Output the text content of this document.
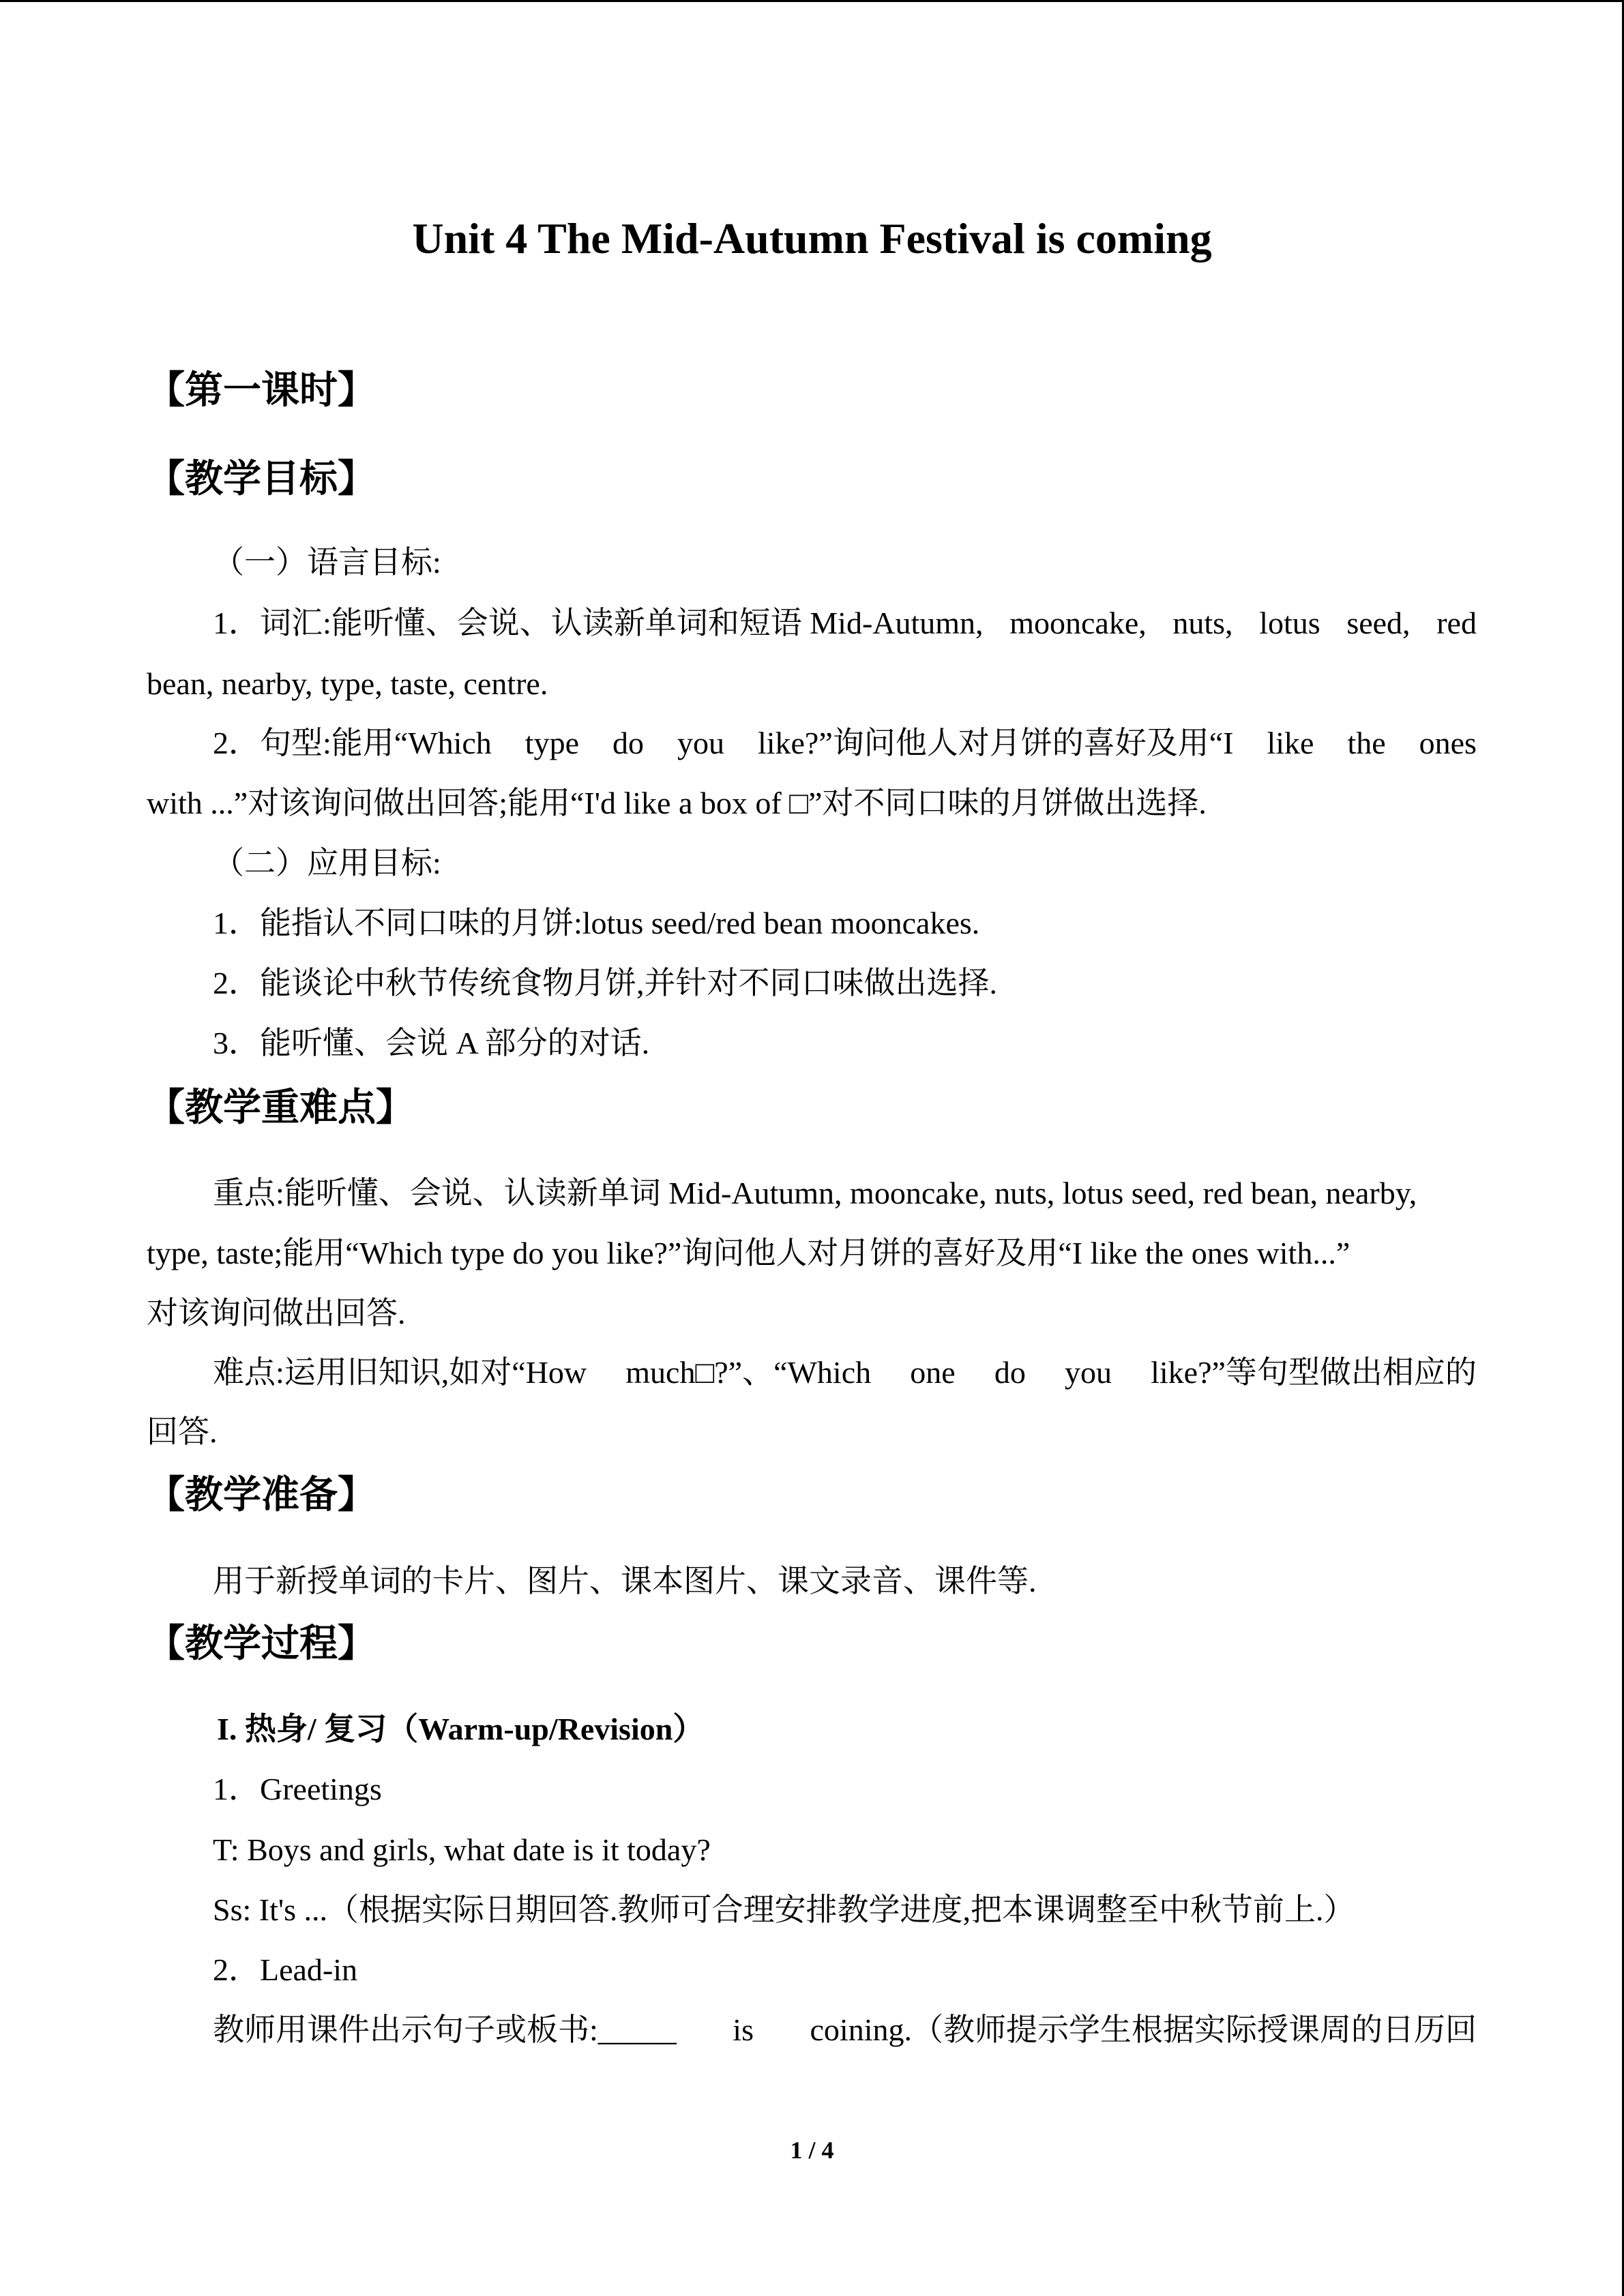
Unit 4 The Mid-Autumn Festival is coming
【第一课时】
【教学目标】
（一）语言目标:
1．词汇:能听懂、会说、认读新单词和短语 Mid-Autumn, mooncake, nuts, lotus seed, red
bean, nearby, type, taste, centre.
2．句型:能用“Which type do you like?”询问他人对月饼的喜好及用“I like the ones
with ...”对该询问做出回答;能用“I'd like a box of □”对不同口味的月饼做出选择.
（二）应用目标:
1．能指认不同口味的月饼:lotus seed/red bean mooncakes.
2．能谈论中秋节传统食物月饼,并针对不同口味做出选择.
3．能听懂、会说 A 部分的对话.
【教学重难点】
重点:能听懂、会说、认读新单词 Mid-Autumn, mooncake, nuts, lotus seed, red bean, nearby,
type, taste;能用“Which type do you like?”询问他人对月饼的喜好及用“I like the ones with...”
对该询问做出回答.
难点:运用旧知识,如对“How much□?”、“Which one do you like?”等句型做出相应的
回答.
【教学准备】
用于新授单词的卡片、图片、课本图片、课文录音、课件等.
【教学过程】
I. 热身/ 复习（Warm-up/Revision）
1．Greetings
T: Boys and girls, what date is it today?
Ss: It's ...（根据实际日期回答.教师可合理安排教学进度,把本课调整至中秋节前上.）
2．Lead-in
教师用课件出示句子或板书:_____ is coining.（教师提示学生根据实际授课周的日历回
1 / 4
